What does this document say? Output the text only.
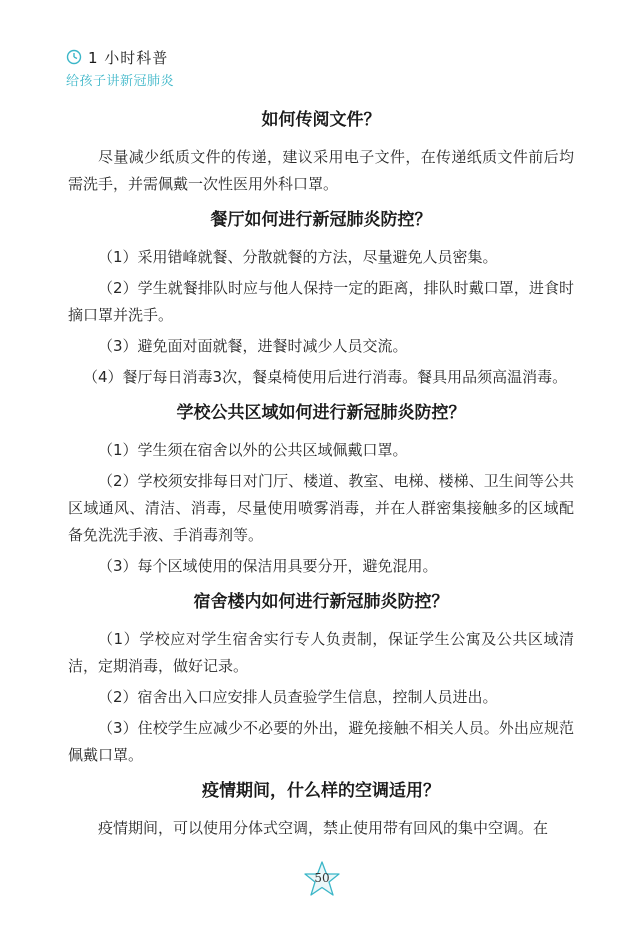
1 小时科普
给孩子讲新冠肺炎
如何传阅文件？

尽量减少纸质文件的传递，建议采用电子文件，在传递纸质文件前后均需洗手，并需佩戴一次性医用外科口罩。

餐厅如何进行新冠肺炎防控？

（1）采用错峰就餐、分散就餐的方法，尽量避免人员密集。

（2）学生就餐排队时应与他人保持一定的距离，排队时戴口罩，进食时摘口罩并洗手。

（3）避免面对面就餐，进餐时减少人员交流。

（4）餐厅每日消毒3次，餐桌椅使用后进行消毒。餐具用品须高温消毒。

学校公共区域如何进行新冠肺炎防控？

（1）学生须在宿舍以外的公共区域佩戴口罩。

（2）学校须安排每日对门厅、楼道、教室、电梯、楼梯、卫生间等公共区域通风、清洁、消毒，尽量使用喷雾消毒，并在人群密集接触多的区域配备免洗洗手液、手消毒剂等。

（3）每个区域使用的保洁用具要分开，避免混用。

宿舍楼内如何进行新冠肺炎防控？

（1）学校应对学生宿舍实行专人负责制，保证学生公寓及公共区域清洁，定期消毒，做好记录。

（2）宿舍出入口应安排人员查验学生信息，控制人员进出。

（3）住校学生应减少不必要的外出，避免接触不相关人员。外出应规范佩戴口罩。

疫情期间，什么样的空调适用？

疫情期间，可以使用分体式空调，禁止使用带有回风的集中空调。在

50
